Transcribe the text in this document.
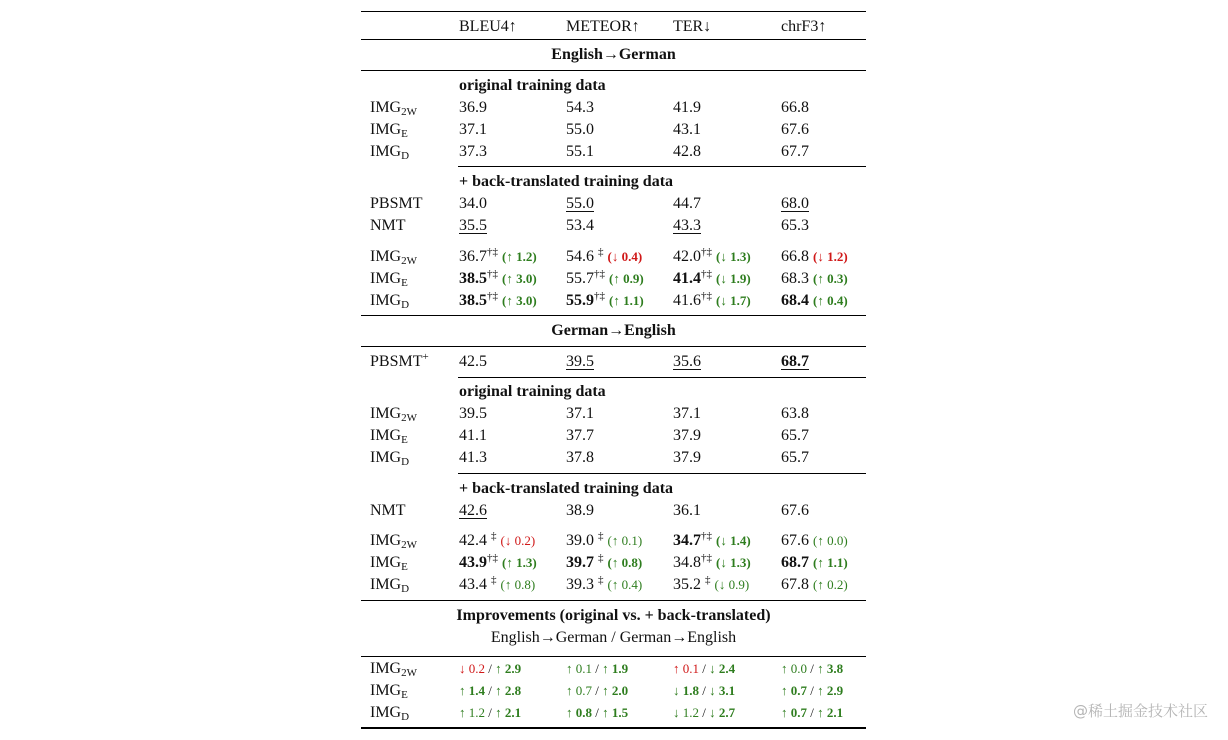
BLEU4↑	METEOR↑ TER↓	chrF3↑
English→German
original training data
$IMG_{2W}$	36.9	54.3	41.9	66.8
$IMG_E$	37.1	55.0	43.1	67.6
$IMG_D$	37.3	55.1	42.8	67.7
+ back-translated training data
PBSMT 34.0	55.0	44.7	68.0
NMT	35.5	53.4	43.3	65.3
$IMG_{2W}$	36.7†‡ (↑ 1.2) 54.6 ‡ (↓ 0.4) 42.0†‡ (↓ 1.3) 66.8 (↓ 1.2)
$IMG_E$	38.5†‡ (↑ 3.0) 55.7†‡ (↑ 0.9) 41.4†‡ (↓ 1.9) 68.3 (↑ 0.3)
$IMG_D$	38.5†‡ (↑ 3.0) 55.9†‡ (↑ 1.1) 41.6†‡ (↓ 1.7) 68.4 (↑ 0.4)
German→English
PBSMT+ 42.5	39.5	35.6	68.7
original training data
$IMG_{2W}$	39.5	37.1	37.1	63.8
$IMG_E$	41.1	37.7	37.9	65.7
$IMG_D$	41.3	37.8	37.9	65.7
+ back-translated training data
NMT	42.6	38.9	36.1	67.6
$IMG_{2W}$	42.4 ‡ (↓ 0.2) 39.0 ‡ (↑ 0.1) 34.7†‡ (↓ 1.4) 67.6 (↑ 0.0)
$IMG_E$	43.9†‡ (↑ 1.3) 39.7 ‡ (↑ 0.8) 34.8†‡ (↓ 1.3) 68.7 (↑ 1.1)
$IMG_D$	43.4 ‡ (↑ 0.8) 39.3 ‡ (↑ 0.4) 35.2 ‡ (↓ 0.9) 67.8 (↑ 0.2)
Improvements (original vs. + back-translated)
English→German / German→English
$IMG_{2W}$	↓ 0.2 / ↑ 2.9	↑ 0.1 / ↑ 1.9	↑ 0.1 / ↓ 2.4	↑ 0.0 / ↑ 3.8
$IMG_E$	↑ 1.4 / ↑ 2.8	↑ 0.7 / ↑ 2.0	↓ 1.8 / ↓ 3.1	↑ 0.7 / ↑ 2.9
$IMG_D$	↑ 1.2 / ↑ 2.1	↑ 0.8 / ↑ 1.5	↓ 1.2 / ↓ 2.7	↑ 0.7 / ↑ 2.1	@稀土掘金技术社区
